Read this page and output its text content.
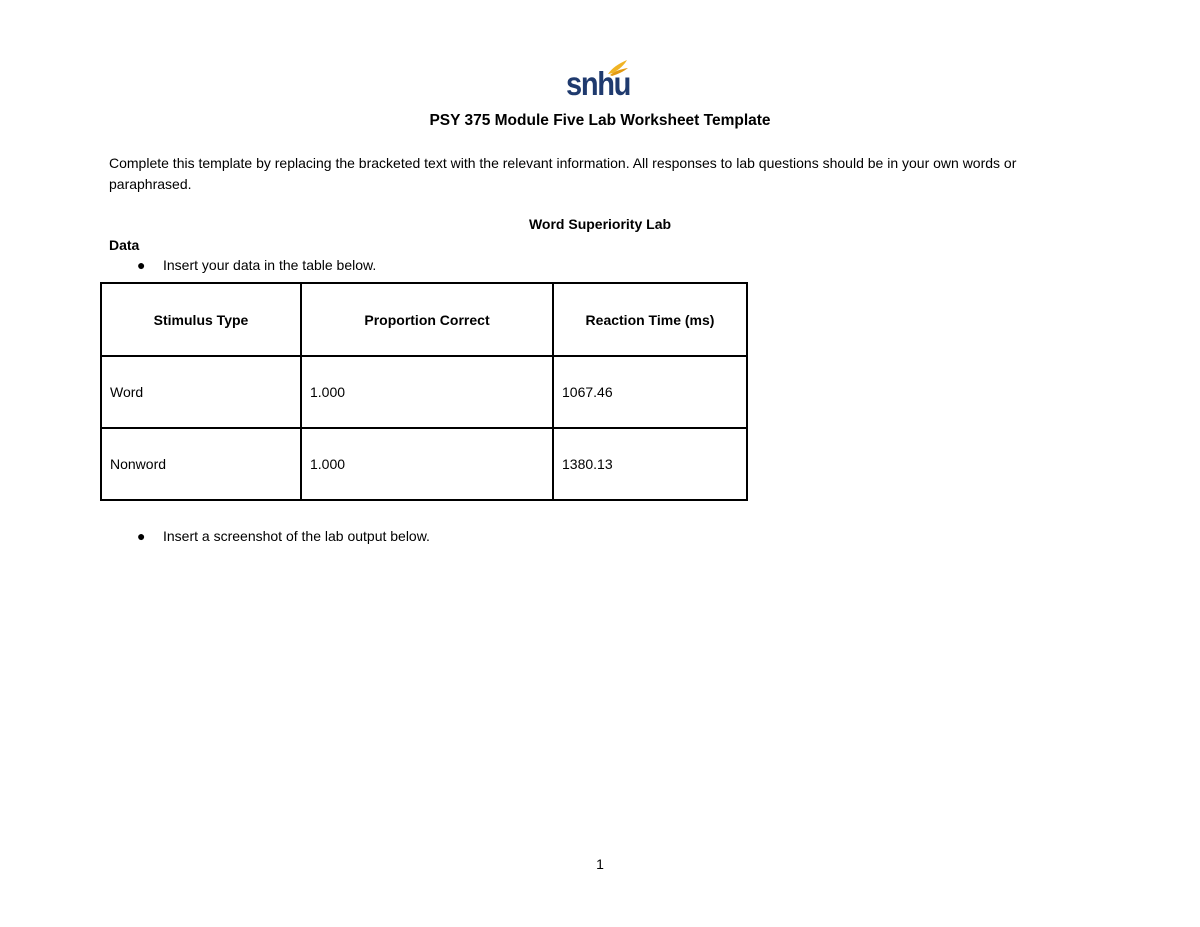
snhu
PSY 375 Module Five Lab Worksheet Template
Complete this template by replacing the bracketed text with the relevant information. All responses to lab questions should be in your own words or paraphrased.
Word Superiority Lab
Data
● Insert your data in the table below.
Stimulus Type	Proportion Correct	Reaction Time (ms)
Word	1.000	1067.46
Nonword	1.000	1380.13
● Insert a screenshot of the lab output below.
1
